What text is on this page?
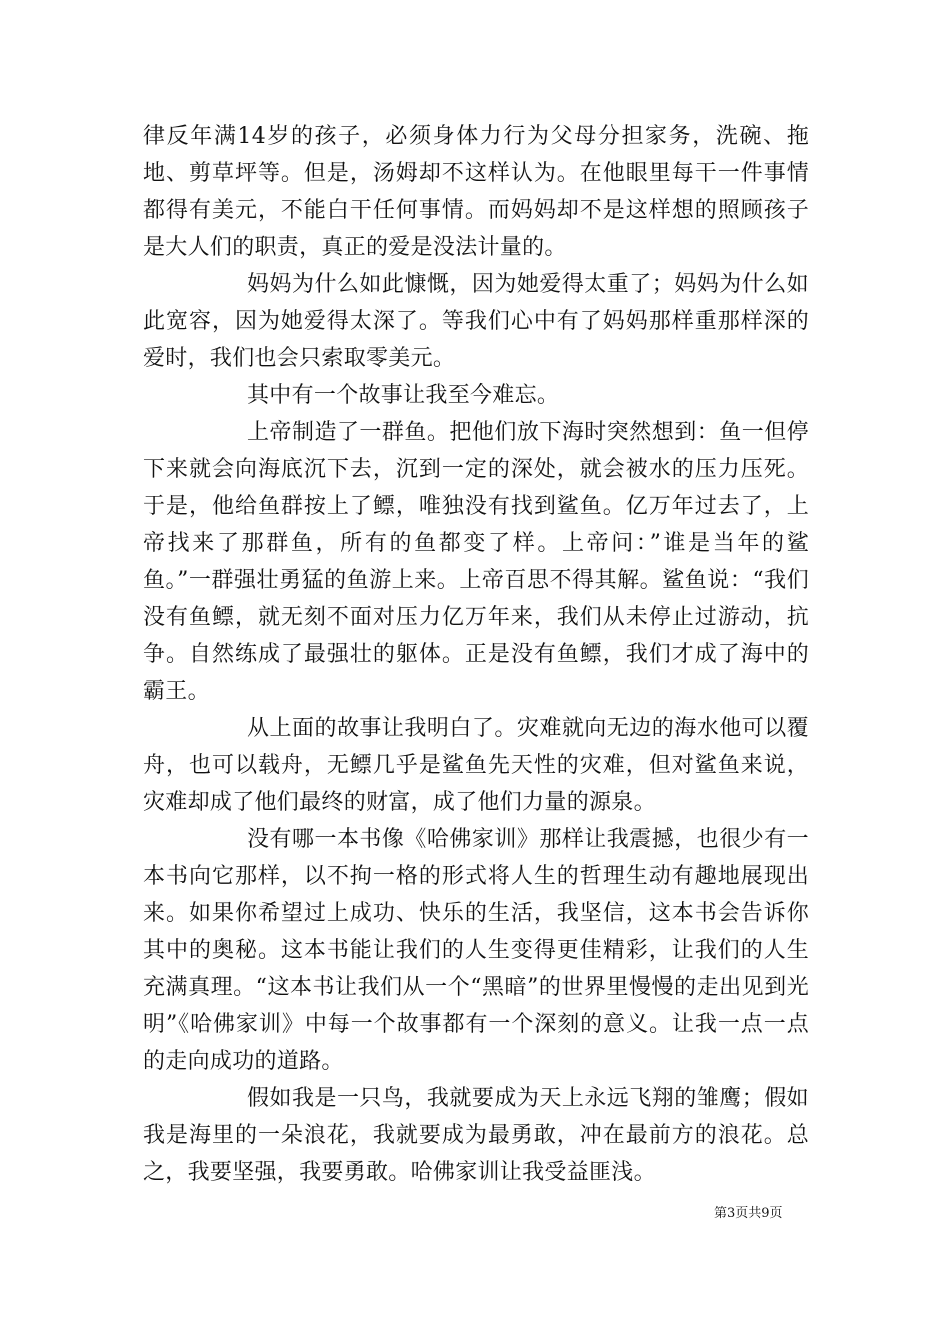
律反年满14岁的孩子，必须身体力行为父母分担家务，洗碗、拖地、剪草坪等。但是，汤姆却不这样认为。在他眼里每干一件事情都得有美元，不能白干任何事情。而妈妈却不是这样想的照顾孩子是大人们的职责，真正的爱是没法计量的。

妈妈为什么如此慷慨，因为她爱得太重了；妈妈为什么如此宽容，因为她爱得太深了。等我们心中有了妈妈那样重那样深的爱时，我们也会只索取零美元。

其中有一个故事让我至今难忘。

上帝制造了一群鱼。把他们放下海时突然想到：鱼一但停下来就会向海底沉下去，沉到一定的深处，就会被水的压力压死。于是，他给鱼群按上了鳔，唯独没有找到鲨鱼。亿万年过去了，上帝找来了那群鱼，所有的鱼都变了样。上帝问：”谁是当年的鲨鱼。”一群强壮勇猛的鱼游上来。上帝百思不得其解。鲨鱼说：“我们没有鱼鳔，就无刻不面对压力亿万年来，我们从未停止过游动，抗争。自然练成了最强壮的躯体。正是没有鱼鳔，我们才成了海中的霸王。

从上面的故事让我明白了。灾难就向无边的海水他可以覆舟，也可以载舟，无鳔几乎是鲨鱼先天性的灾难，但对鲨鱼来说，灾难却成了他们最终的财富，成了他们力量的源泉。

没有哪一本书像《哈佛家训》那样让我震撼，也很少有一本书向它那样，以不拘一格的形式将人生的哲理生动有趣地展现出来。如果你希望过上成功、快乐的生活，我坚信，这本书会告诉你其中的奥秘。这本书能让我们的人生变得更佳精彩，让我们的人生充满真理。“这本书让我们从一个“黑暗”的世界里慢慢的走出见到光明”《哈佛家训》中每一个故事都有一个深刻的意义。让我一点一点的走向成功的道路。

假如我是一只鸟，我就要成为天上永远飞翔的雏鹰；假如我是海里的一朵浪花，我就要成为最勇敢，冲在最前方的浪花。总之，我要坚强，我要勇敢。哈佛家训让我受益匪浅。

第3页共9页
